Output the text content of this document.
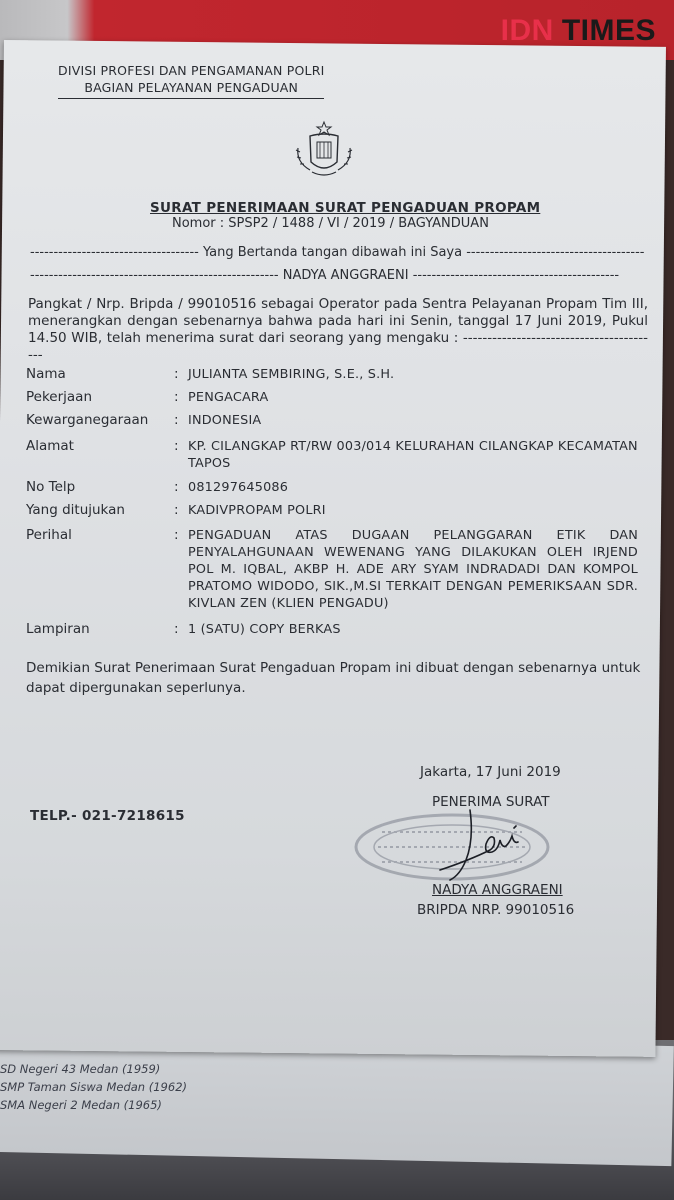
SD Negeri 43 Medan (1959)
SMP Taman Siswa Medan (1962)
SMA Negeri 2 Medan (1965)
IDN TIMES
DIVISI PROFESI DAN PENGAMANAN POLRI
BAGIAN PELAYANAN PENGADUAN
SURAT PENERIMAAN SURAT PENGADUAN PROPAM
Nomor : SPSP2 / 1488 / VI / 2019 / BAGYANDUAN
------------------------------------ Yang Bertanda tangan dibawah ini Saya --------------------------------------
----------------------------------------------------- NADYA ANGGRAENI --------------------------------------------
Pangkat / Nrp. Bripda / 99010516 sebagai Operator pada Sentra Pelayanan Propam Tim III, menerangkan dengan sebenarnya bahwa pada hari ini Senin, tanggal 17 Juni 2019, Pukul 14.50 WIB, telah menerima surat dari seorang yang mengaku : -----------------------------------------
Nama	: JULIANTA SEMBIRING, S.E., S.H.
Pekerjaan	: PENGACARA
Kewarganegaraan	: INDONESIA
Alamat	: KP. CILANGKAP RT/RW 003/014 KELURAHAN CILANGKAP KECAMATAN TAPOS
No Telp	: 081297645086
Yang ditujukan	: KADIVPROPAM POLRI
Perihal	: PENGADUAN ATAS DUGAAN PELANGGARAN ETIK DAN PENYALAHGUNAAN WEWENANG YANG DILAKUKAN OLEH IRJEND POL M. IQBAL, AKBP H. ADE ARY SYAM INDRADADI DAN KOMPOL PRATOMO WIDODO, SIK.,M.SI TERKAIT DENGAN PEMERIKSAAN SDR. KIVLAN ZEN (KLIEN PENGADU)
Lampiran	: 1 (SATU) COPY BERKAS
Demikian Surat Penerimaan Surat Pengaduan Propam ini dibuat dengan sebenarnya untuk dapat dipergunakan seperlunya.
Jakarta, 17 Juni 2019
TELP.- 021-7218615
PENERIMA SURAT
NADYA ANGGRAENI
BRIPDA NRP. 99010516
